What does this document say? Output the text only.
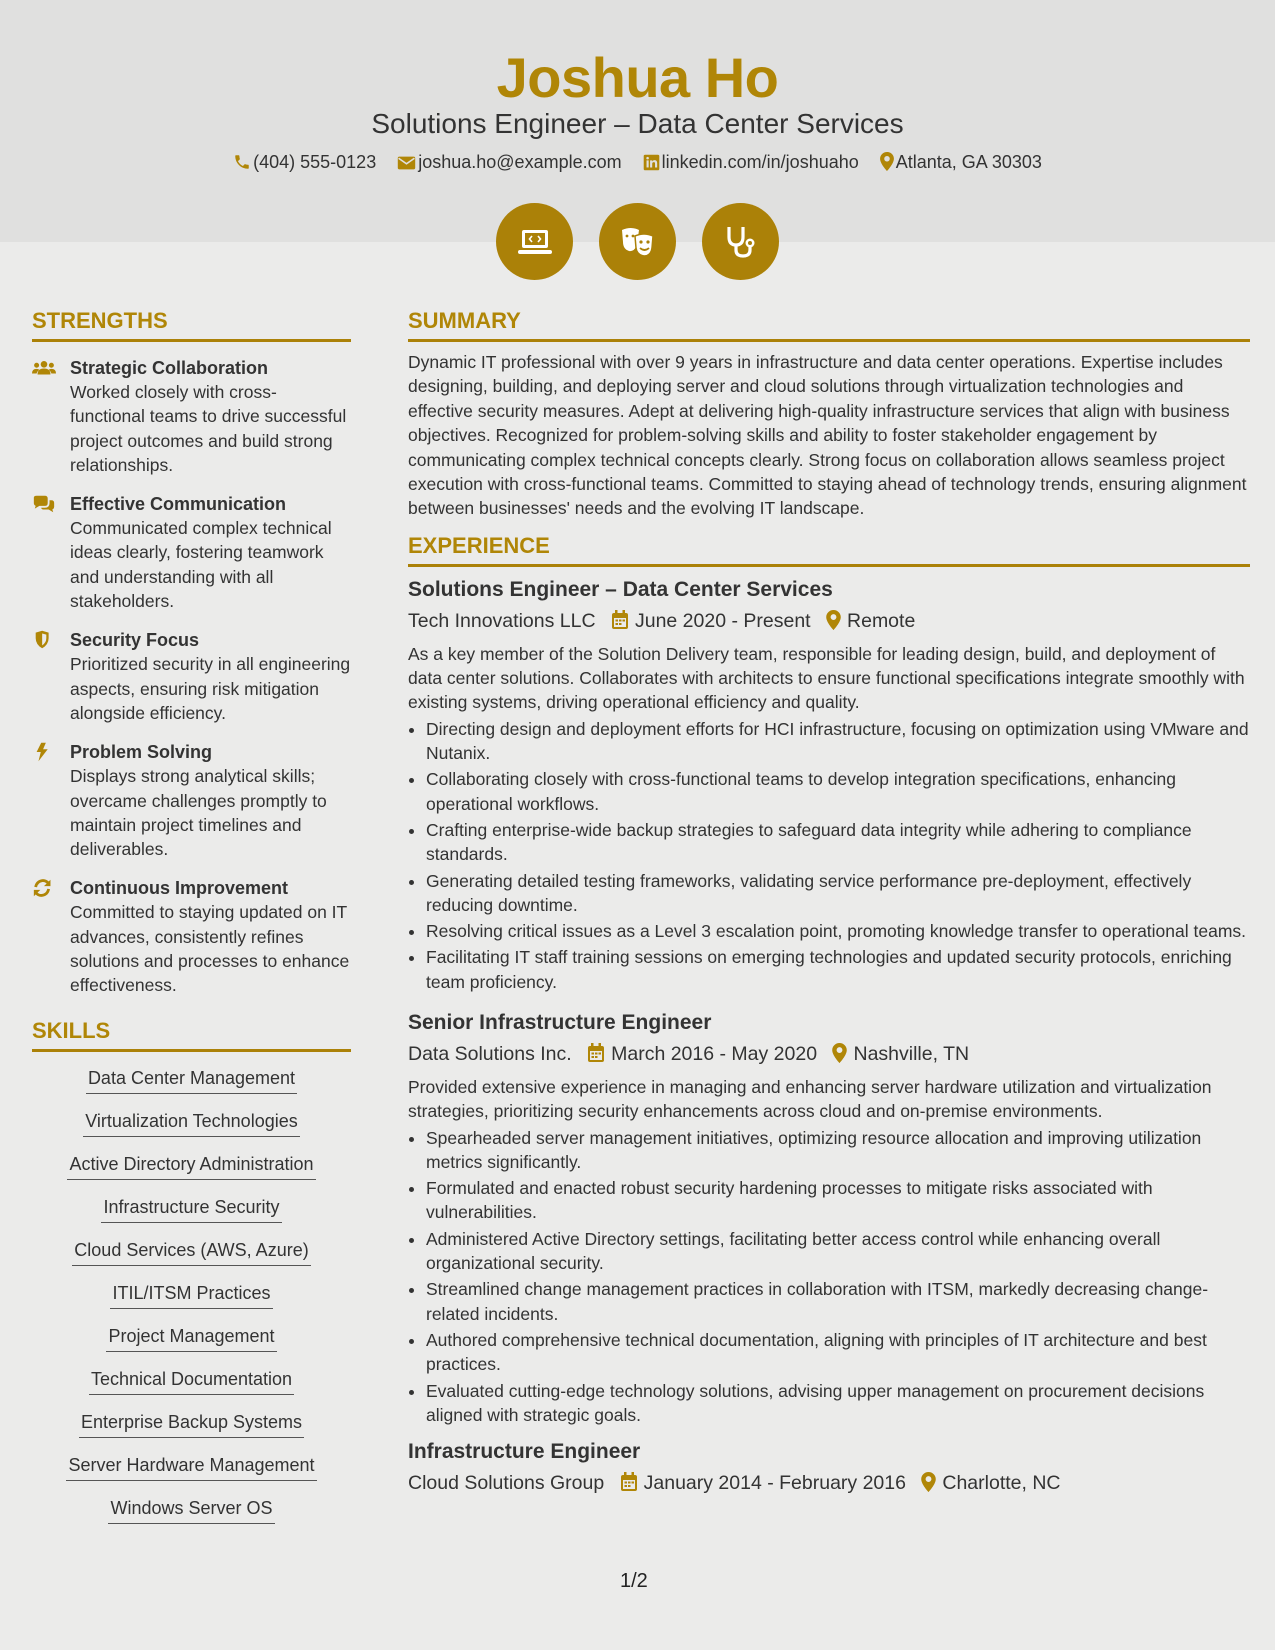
Joshua Ho
Solutions Engineer – Data Center Services
(404) 555-0123 joshua.ho@example.com linkedin.com/in/joshuaho Atlanta, GA 30303

STRENGTHS
Strategic Collaboration
Worked closely with cross-functional teams to drive successful project outcomes and build strong relationships.
Effective Communication
Communicated complex technical ideas clearly, fostering teamwork and understanding with all stakeholders.
Security Focus
Prioritized security in all engineering aspects, ensuring risk mitigation alongside efficiency.
Problem Solving
Displays strong analytical skills; overcame challenges promptly to maintain project timelines and deliverables.
Continuous Improvement
Committed to staying updated on IT advances, consistently refines solutions and processes to enhance effectiveness.
SKILLS
Data Center Management
Virtualization Technologies
Active Directory Administration
Infrastructure Security
Cloud Services (AWS, Azure)
ITIL/ITSM Practices
Project Management
Technical Documentation
Enterprise Backup Systems
Server Hardware Management
Windows Server OS
SUMMARY
Dynamic IT professional with over 9 years in infrastructure and data center operations. Expertise includes designing, building, and deploying server and cloud solutions through virtualization technologies and effective security measures. Adept at delivering high-quality infrastructure services that align with business objectives. Recognized for problem-solving skills and ability to foster stakeholder engagement by communicating complex technical concepts clearly. Strong focus on collaboration allows seamless project execution with cross-functional teams. Committed to staying ahead of technology trends, ensuring alignment between businesses' needs and the evolving IT landscape.
EXPERIENCE
Solutions Engineer – Data Center Services
Tech Innovations LLC June 2020 - Present Remote
As a key member of the Solution Delivery team, responsible for leading design, build, and deployment of data center solutions. Collaborates with architects to ensure functional specifications integrate smoothly with existing systems, driving operational efficiency and quality.
• Directing design and deployment efforts for HCI infrastructure, focusing on optimization using VMware and Nutanix.
• Collaborating closely with cross-functional teams to develop integration specifications, enhancing operational workflows.
• Crafting enterprise-wide backup strategies to safeguard data integrity while adhering to compliance standards.
• Generating detailed testing frameworks, validating service performance pre-deployment, effectively reducing downtime.
• Resolving critical issues as a Level 3 escalation point, promoting knowledge transfer to operational teams.
• Facilitating IT staff training sessions on emerging technologies and updated security protocols, enriching team proficiency.
Senior Infrastructure Engineer
Data Solutions Inc. March 2016 - May 2020 Nashville, TN
Provided extensive experience in managing and enhancing server hardware utilization and virtualization strategies, prioritizing security enhancements across cloud and on-premise environments.
• Spearheaded server management initiatives, optimizing resource allocation and improving utilization metrics significantly.
• Formulated and enacted robust security hardening processes to mitigate risks associated with vulnerabilities.
• Administered Active Directory settings, facilitating better access control while enhancing overall organizational security.
• Streamlined change management practices in collaboration with ITSM, markedly decreasing change-related incidents.
• Authored comprehensive technical documentation, aligning with principles of IT architecture and best practices.
• Evaluated cutting-edge technology solutions, advising upper management on procurement decisions aligned with strategic goals.
Infrastructure Engineer
Cloud Solutions Group January 2014 - February 2016 Charlotte, NC
1/2
